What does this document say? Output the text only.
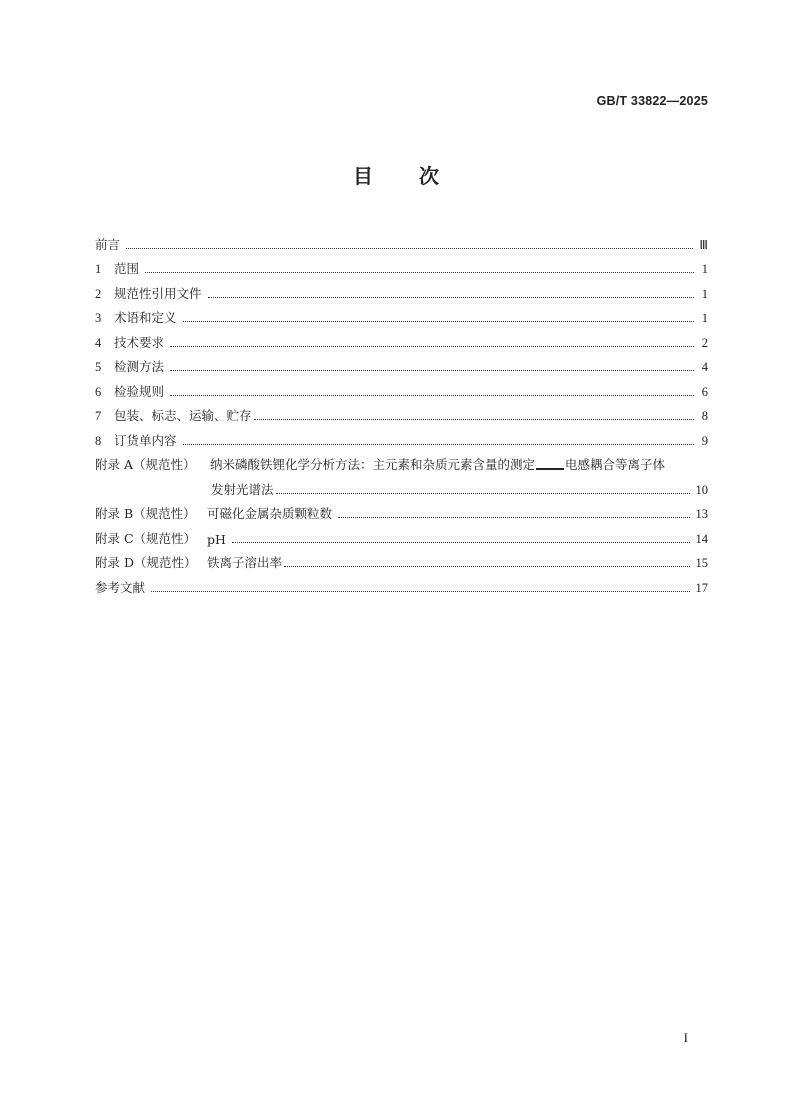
GB/T 33822—2025
目 次
前言	Ⅲ
1	范围	1
2	规范性引用文件	1
3	术语和定义	1
4	技术要求	2
5	检测方法	4
6	检验规则	6
7	包装、标志、运输、贮存	8
8	订货单内容	9
附录 A（规范性）	纳米磷酸铁锂化学分析方法：主元素和杂质元素含量的测定 电感耦合等离子体
发射光谱法	10
附录 B（规范性） 可磁化金属杂质颗粒数	13
附录 C（规范性） pH	14
附录 D（规范性） 铁离子溶出率	15
参考文献	17
I
